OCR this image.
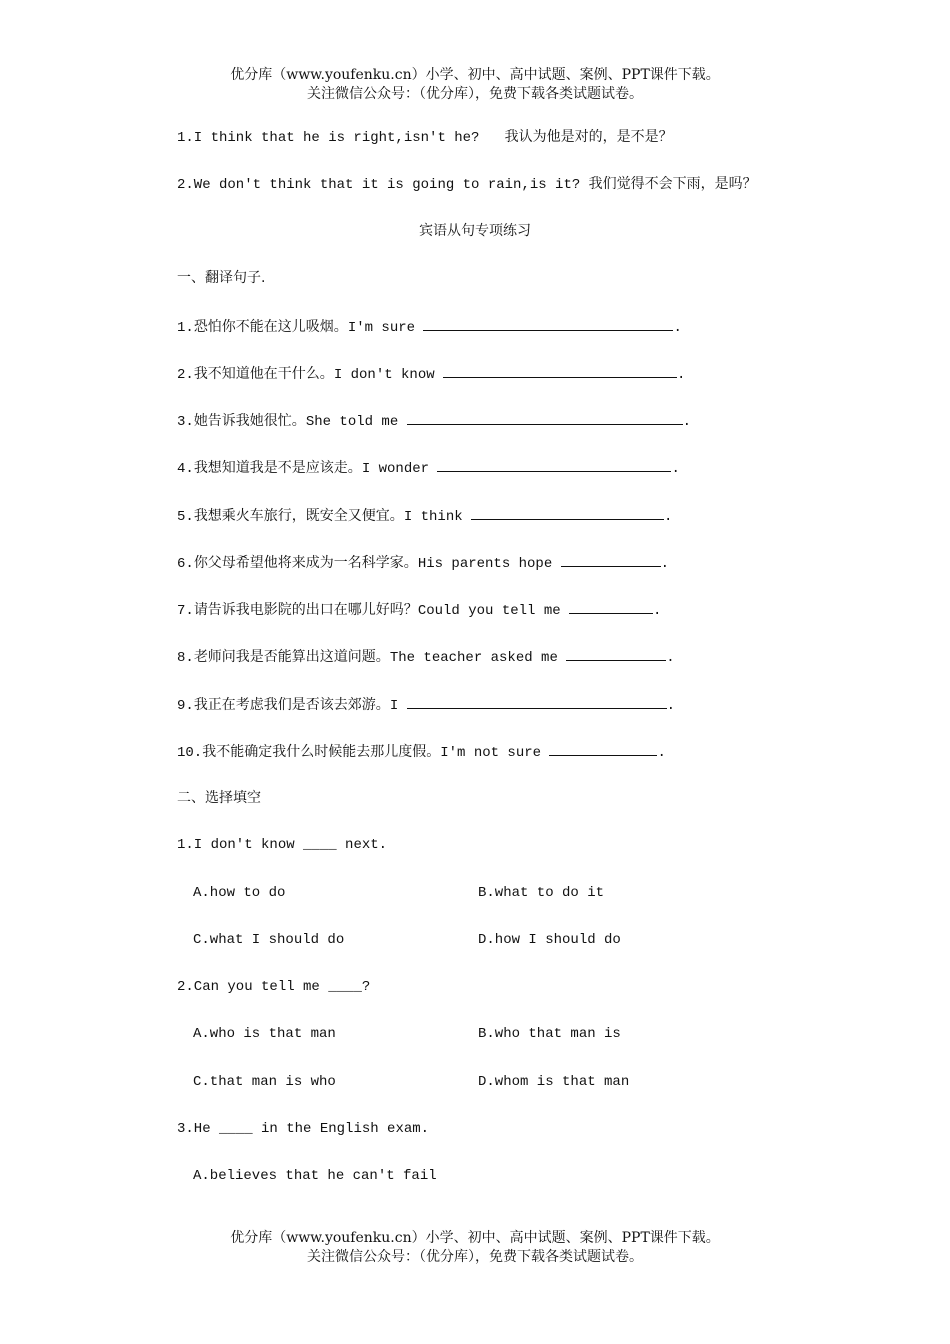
优分库（www.youfenku.cn）小学、初中、高中试题、案例、PPT课件下载。
关注微信公众号：（优分库），免费下载各类试题试卷。
1.I think that he is right,isn't he? 我认为他是对的，是不是？
2.We don't think that it is going to rain,is it? 我们觉得不会下雨，是吗？
宾语从句专项练习
一、翻译句子.
1.恐怕你不能在这儿吸烟。I'm sure	.
2.我不知道他在干什么。I don't know	.
3.她告诉我她很忙。She told me	.
4.我想知道我是不是应该走。I wonder	.
5.我想乘火车旅行，既安全又便宜。I think	.
6.你父母希望他将来成为一名科学家。His parents hope	.
7.请告诉我电影院的出口在哪儿好吗？Could you tell me	.
8.老师问我是否能算出这道问题。The teacher asked me	.
9.我正在考虑我们是否该去郊游。I	.
10.我不能确定我什么时候能去那儿度假。I'm not sure	.
二、选择填空
1.I don't know ____ next.
A.how to do	B.what to do it
C.what I should do	D.how I should do
2.Can you tell me ____?
A.who is that man	B.who that man is
C.that man is who	D.whom is that man
3.He ____ in the English exam.
A.believes that he can't fail
优分库（www.youfenku.cn）小学、初中、高中试题、案例、PPT课件下载。
关注微信公众号：（优分库），免费下载各类试题试卷。
